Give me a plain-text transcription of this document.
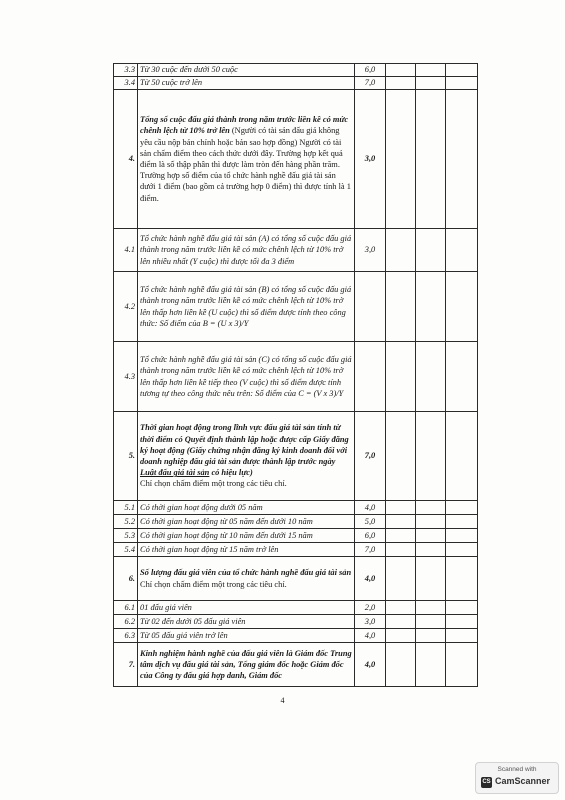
3.3	Từ 30 cuộc đến dưới 50 cuộc	6,0			
3.4	Từ 50 cuộc trở lên	7,0			
4.	Tổng số cuộc đấu giá thành trong năm trước liền kề có mức chênh lệch từ 10% trở lên (Người có tài sản đấu giá không yêu cầu nộp bản chính hoặc bản sao hợp đồng) Người có tài sản chấm điểm theo cách thức dưới đây. Trường hợp kết quả điểm là số thập phân thì được làm tròn đến hàng phần trăm. Trường hợp số điểm của tổ chức hành nghề đấu giá tài sản dưới 1 điểm (bao gồm cả trường hợp 0 điểm) thì được tính là 1 điểm.	3,0			
4.1	Tổ chức hành nghề đấu giá tài sản (A) có tổng số cuộc đấu giá thành trong năm trước liền kề có mức chênh lệch từ 10% trở lên nhiều nhất (Y cuộc) thì được tối đa 3 điểm	3,0			
4.2	Tổ chức hành nghề đấu giá tài sản (B) có tổng số cuộc đấu giá thành trong năm trước liền kề có mức chênh lệch từ 10% trở lên thấp hơn liền kề (U cuộc) thì số điểm được tính theo công thức: Số điểm của B = (U x 3)/Y				
4.3	Tổ chức hành nghề đấu giá tài sản (C) có tổng số cuộc đấu giá thành trong năm trước liền kề có mức chênh lệch từ 10% trở lên thấp hơn liền kề tiếp theo (V cuộc) thì số điểm được tính tương tự theo công thức nêu trên: Số điểm của C = (V x 3)/Y				
5.	Thời gian hoạt động trong lĩnh vực đấu giá tài sản tính từ thời điểm có Quyết định thành lập hoặc được cấp Giấy đăng ký hoạt động (Giấy chứng nhận đăng ký kinh doanh đối với doanh nghiệp đấu giá tài sản được thành lập trước ngày Luật đấu giá tài sản có hiệu lực)
Chỉ chọn chấm điểm một trong các tiêu chí.	7,0			
5.1	Có thời gian hoạt động dưới 05 năm	4,0			
5.2	Có thời gian hoạt động từ 05 năm đến dưới 10 năm	5,0			
5.3	Có thời gian hoạt động từ 10 năm đến dưới 15 năm	6,0			
5.4	Có thời gian hoạt động từ 15 năm trở lên	7,0			
6.	Số lượng đấu giá viên của tổ chức hành nghề đấu giá tài sản
Chỉ chọn chấm điểm một trong các tiêu chí.	4,0			
6.1	01 đấu giá viên	2,0			
6.2	Từ 02 đến dưới 05 đấu giá viên	3,0			
6.3	Từ 05 đấu giá viên trở lên	4,0			
7.	Kinh nghiệm hành nghề của đấu giá viên là Giám đốc Trung tâm dịch vụ đấu giá tài sản, Tổng giám đốc hoặc Giám đốc của Công ty đấu giá hợp danh, Giám đốc	4,0			
4
Scanned with
CS CamScanner
